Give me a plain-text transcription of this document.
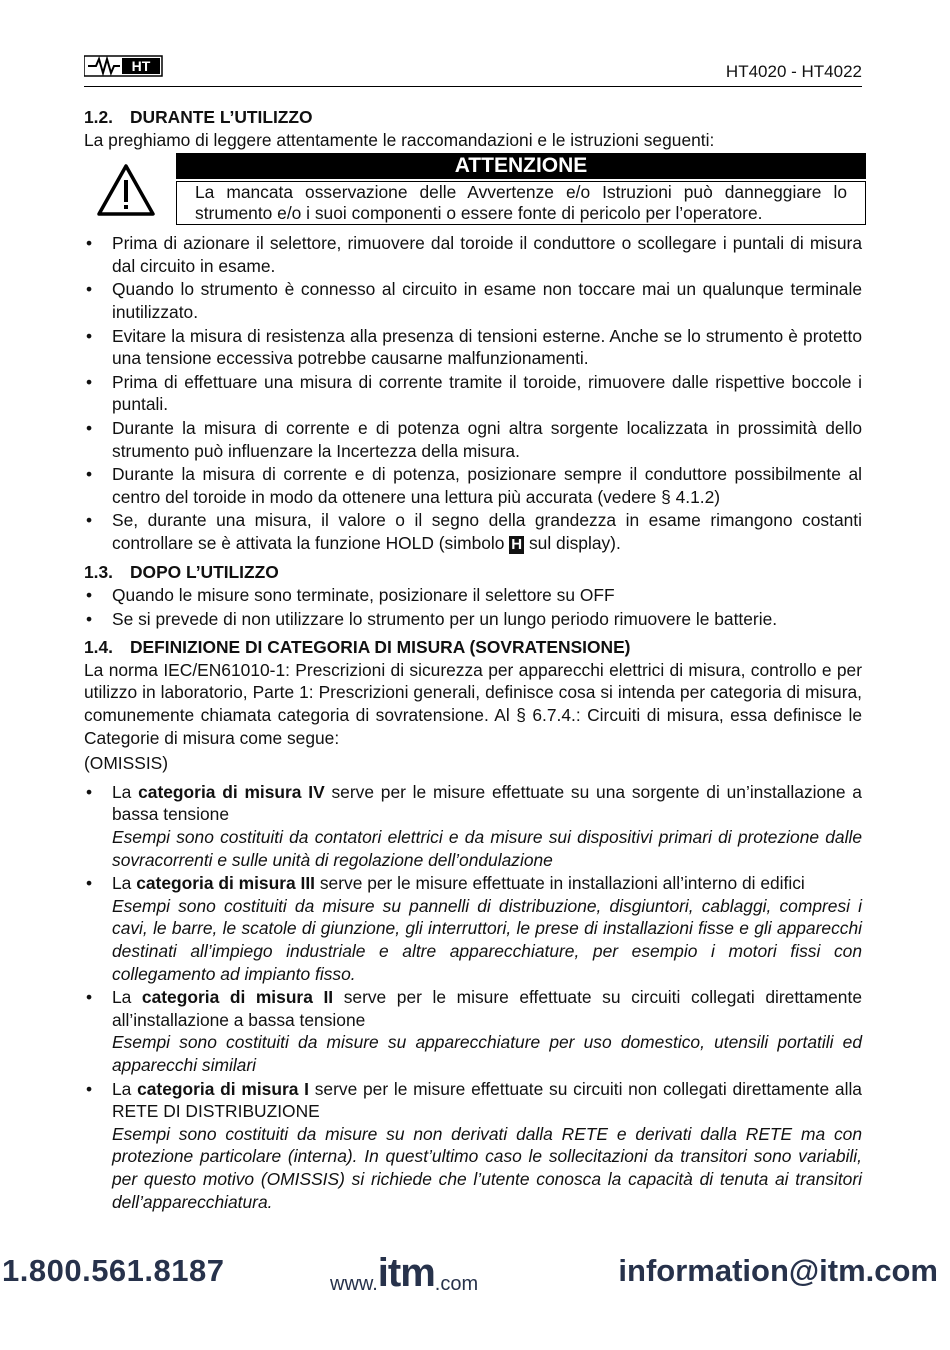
HT	HT4020 - HT4022
1.2. DURANTE L’UTILIZZO

La preghiamo di leggere attentamente le raccomandazioni e le istruzioni seguenti:

ATTENZIONE
La mancata osservazione delle Avvertenze e/o Istruzioni può danneggiare lo strumento e/o i suoi componenti o essere fonte di pericolo per l’operatore.
• Prima di azionare il selettore, rimuovere dal toroide il conduttore o scollegare i puntali di misura dal circuito in esame.
• Quando lo strumento è connesso al circuito in esame non toccare mai un qualunque terminale inutilizzato.
• Evitare la misura di resistenza alla presenza di tensioni esterne. Anche se lo strumento è protetto una tensione eccessiva potrebbe causarne malfunzionamenti.
• Prima di effettuare una misura di corrente tramite il toroide, rimuovere dalle rispettive boccole i puntali.
• Durante la misura di corrente e di potenza ogni altra sorgente localizzata in prossimità dello strumento può influenzare la Incertezza della misura.
• Durante la misura di corrente e di potenza, posizionare sempre il conduttore possibilmente al centro del toroide in modo da ottenere una lettura più accurata (vedere § 4.1.2)
• Se, durante una misura, il valore o il segno della grandezza in esame rimangono costanti controllare se è attivata la funzione HOLD (simbolo H sul display).
1.3. DOPO L’UTILIZZO
• Quando le misure sono terminate, posizionare il selettore su OFF
• Se si prevede di non utilizzare lo strumento per un lungo periodo rimuovere le batterie.
1.4. DEFINIZIONE DI CATEGORIA DI MISURA (SOVRATENSIONE)

La norma IEC/EN61010-1: Prescrizioni di sicurezza per apparecchi elettrici di misura, controllo e per utilizzo in laboratorio, Parte 1: Prescrizioni generali, definisce cosa si intenda per categoria di misura, comunemente chiamata categoria di sovratensione. Al § 6.7.4.: Circuiti di misura, essa definisce le Categorie di misura come segue:

(OMISSIS)

• La categoria di misura IV serve per le misure effettuate su una sorgente di un’installazione a bassa tensione
Esempi sono costituiti da contatori elettrici e da misure sui dispositivi primari di protezione dalle sovracorrenti e sulle unità di regolazione dell’ondulazione
• La categoria di misura III serve per le misure effettuate in installazioni all’interno di edifici
Esempi sono costituiti da misure su pannelli di distribuzione, disgiuntori, cablaggi, compresi i cavi, le barre, le scatole di giunzione, gli interruttori, le prese di installazioni fisse e gli apparecchi destinati all’impiego industriale e altre apparecchiature, per esempio i motori fissi con collegamento ad impianto fisso.
• La categoria di misura II serve per le misure effettuate su circuiti collegati direttamente all’installazione a bassa tensione
Esempi sono costituiti da misure su apparecchiature per uso domestico, utensili portatili ed apparecchi similari
• La categoria di misura I serve per le misure effettuate su circuiti non collegati direttamente alla RETE DI DISTRIBUZIONE
Esempi sono costituiti da misure su non derivati dalla RETE e derivati dalla RETE ma con protezione particolare (interna). In quest’ultimo caso le sollecitazioni da transitori sono variabili, per questo motivo (OMISSIS) si richiede che l’utente conosca la capacità di tenuta ai transitori dell’apparecchiatura.
1.800.561.8187	www.itm.com	information@itm.com
